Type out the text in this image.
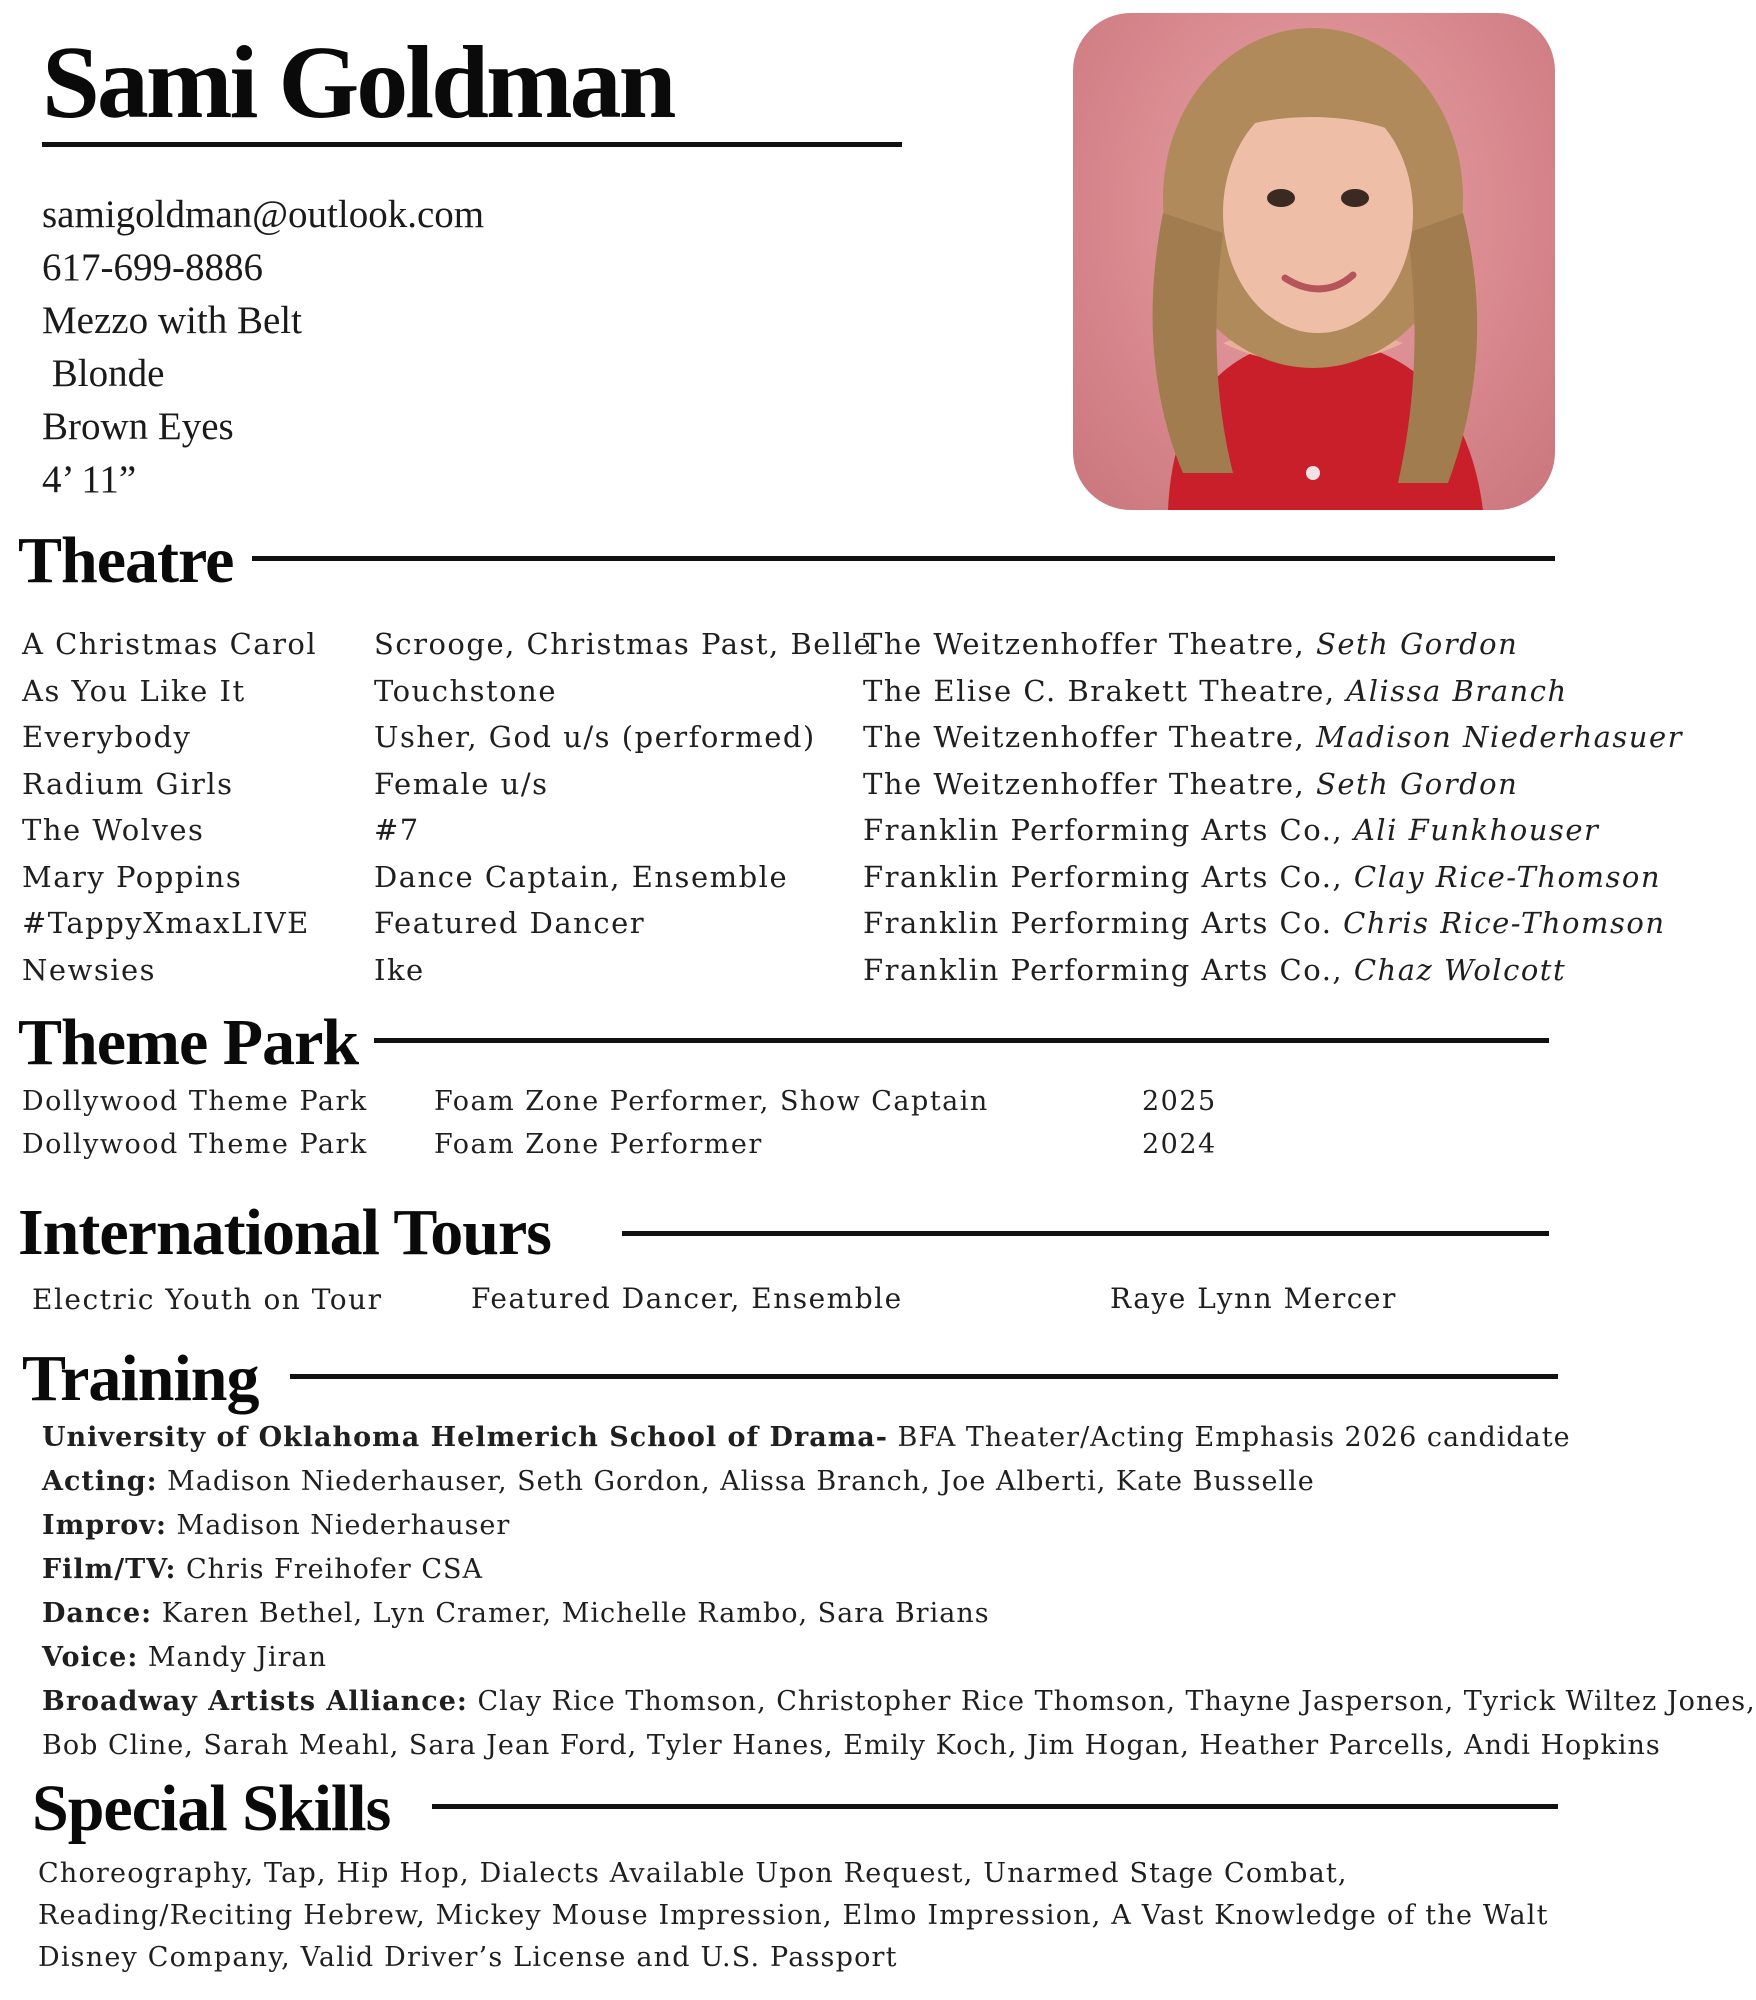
Sami Goldman
samigoldman@outlook.com
617-699-8886
Mezzo with Belt
Blonde
Brown Eyes
4’ 11”
Theatre
A Christmas Carol
As You Like It
Everybody
Radium Girls
The Wolves
Mary Poppins
#TappyXmaxLIVE
Newsies
Scrooge, Christmas Past, Belle
Touchstone
Usher, God u/s (performed)
Female u/s
#7
Dance Captain, Ensemble
Featured Dancer
Ike
The Weitzenhoffer Theatre, Seth Gordon
The Elise C. Brakett Theatre, Alissa Branch
The Weitzenhoffer Theatre, Madison Niederhasuer
The Weitzenhoffer Theatre, Seth Gordon
Franklin Performing Arts Co., Ali Funkhouser
Franklin Performing Arts Co., Clay Rice-Thomson
Franklin Performing Arts Co. Chris Rice-Thomson
Franklin Performing Arts Co., Chaz Wolcott
Theme Park
Dollywood Theme Park
Dollywood Theme Park
Foam Zone Performer, Show Captain
Foam Zone Performer
2025
2024
International Tours
Electric Youth on Tour	Featured Dancer, Ensemble	Raye Lynn Mercer
Training
University of Oklahoma Helmerich School of Drama- BFA Theater/Acting Emphasis 2026 candidate
Acting: Madison Niederhauser, Seth Gordon, Alissa Branch, Joe Alberti, Kate Busselle
Improv: Madison Niederhauser
Film/TV: Chris Freihofer CSA
Dance: Karen Bethel, Lyn Cramer, Michelle Rambo, Sara Brians
Voice: Mandy Jiran
Broadway Artists Alliance: Clay Rice Thomson, Christopher Rice Thomson, Thayne Jasperson, Tyrick Wiltez Jones,
Bob Cline, Sarah Meahl, Sara Jean Ford, Tyler Hanes, Emily Koch, Jim Hogan, Heather Parcells, Andi Hopkins
Special Skills
Choreography, Tap, Hip Hop, Dialects Available Upon Request, Unarmed Stage Combat, Reading/Reciting Hebrew, Mickey Mouse Impression, Elmo Impression, A Vast Knowledge of the Walt Disney Company, Valid Driver’s License and U.S. Passport
